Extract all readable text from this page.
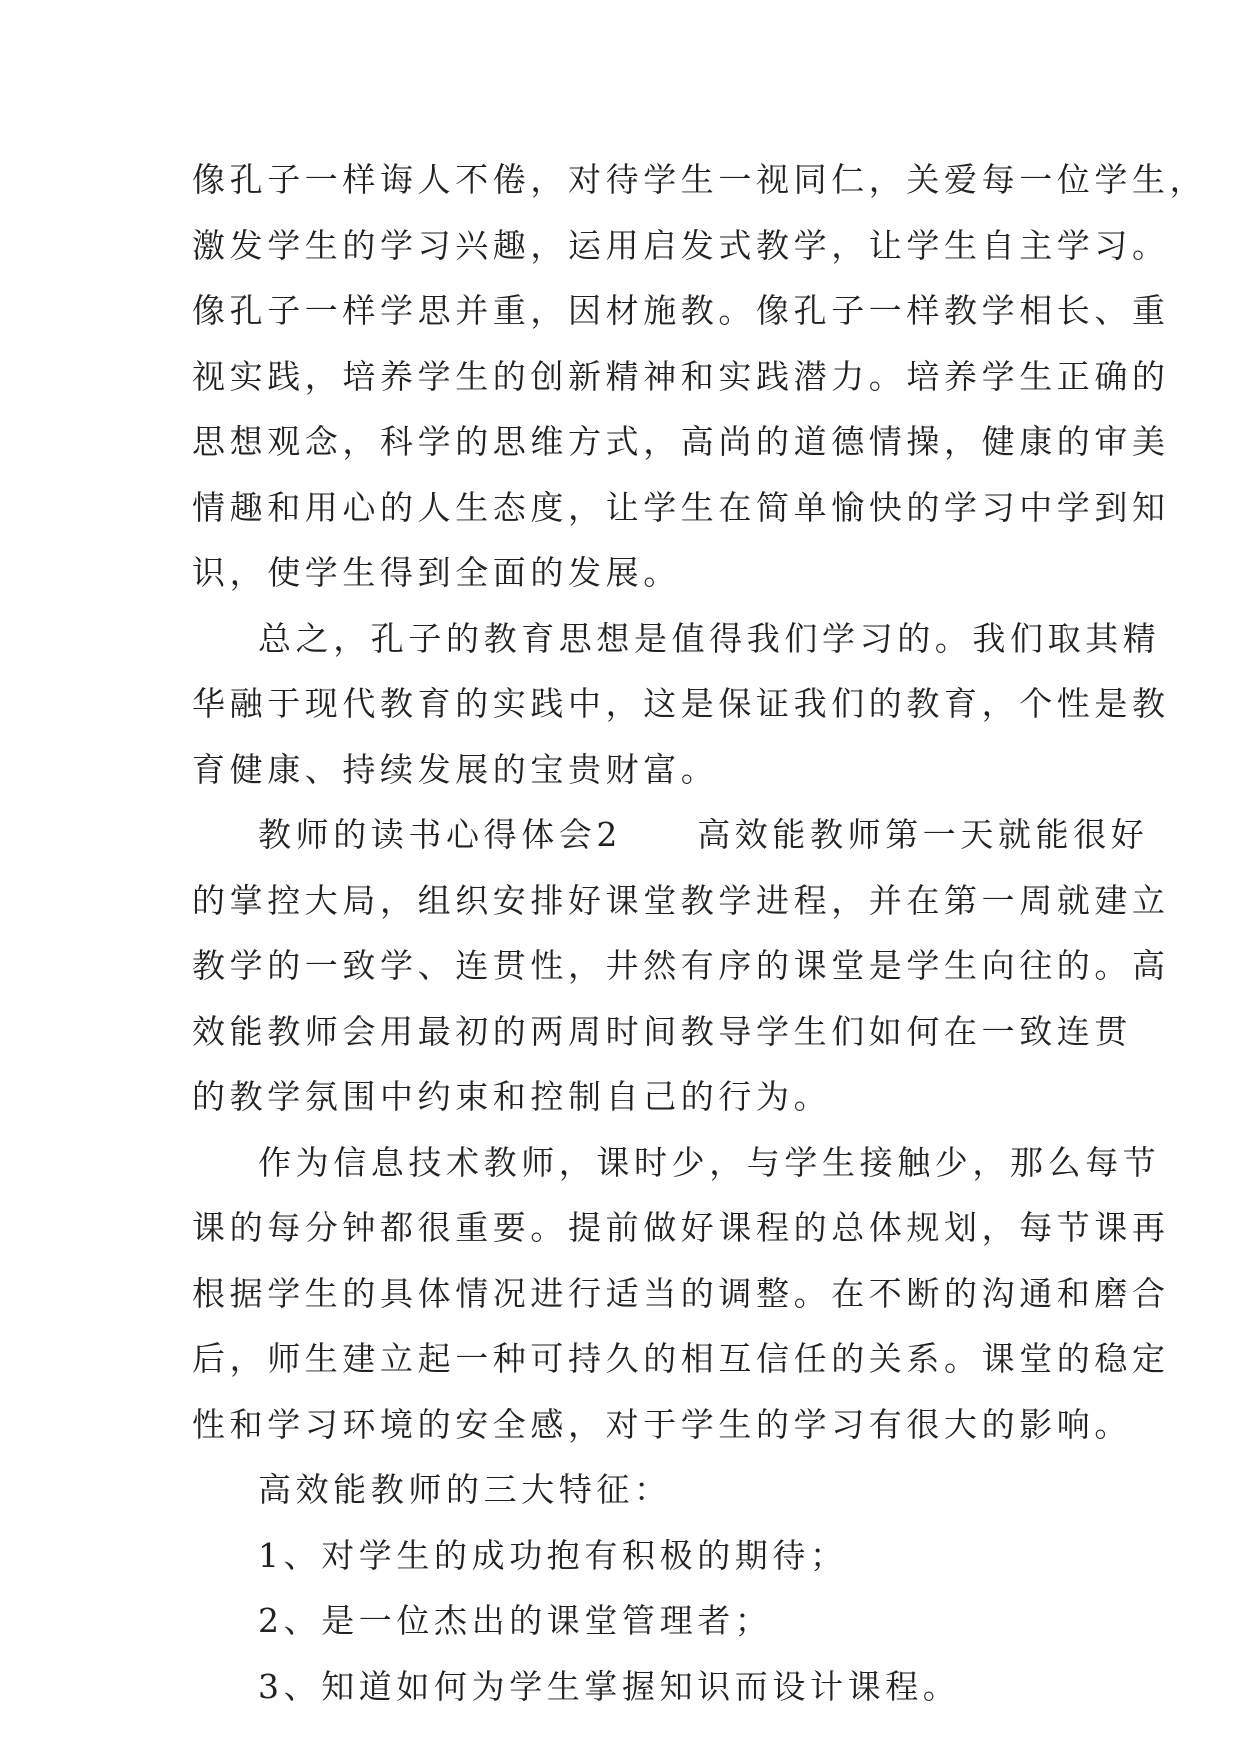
像孔子一样诲人不倦，对待学生一视同仁，关爱每一位学生，
激发学生的学习兴趣，运用启发式教学，让学生自主学习。
像孔子一样学思并重，因材施教。像孔子一样教学相长、重
视实践，培养学生的创新精神和实践潜力。培养学生正确的
思想观念，科学的思维方式，高尚的道德情操，健康的审美
情趣和用心的人生态度，让学生在简单愉快的学习中学到知
识，使学生得到全面的发展。
总之，孔子的教育思想是值得我们学习的。我们取其精
华融于现代教育的实践中，这是保证我们的教育，个性是教
育健康、持续发展的宝贵财富。
教师的读书心得体会2　　高效能教师第一天就能很好
的掌控大局，组织安排好课堂教学进程，并在第一周就建立
教学的一致学、连贯性，井然有序的课堂是学生向往的。高
效能教师会用最初的两周时间教导学生们如何在一致连贯
的教学氛围中约束和控制自己的行为。
作为信息技术教师，课时少，与学生接触少，那么每节
课的每分钟都很重要。提前做好课程的总体规划，每节课再
根据学生的具体情况进行适当的调整。在不断的沟通和磨合
后，师生建立起一种可持久的相互信任的关系。课堂的稳定
性和学习环境的安全感，对于学生的学习有很大的影响。
高效能教师的三大特征：
1、对学生的成功抱有积极的期待；
2、是一位杰出的课堂管理者；
3、知道如何为学生掌握知识而设计课程。
